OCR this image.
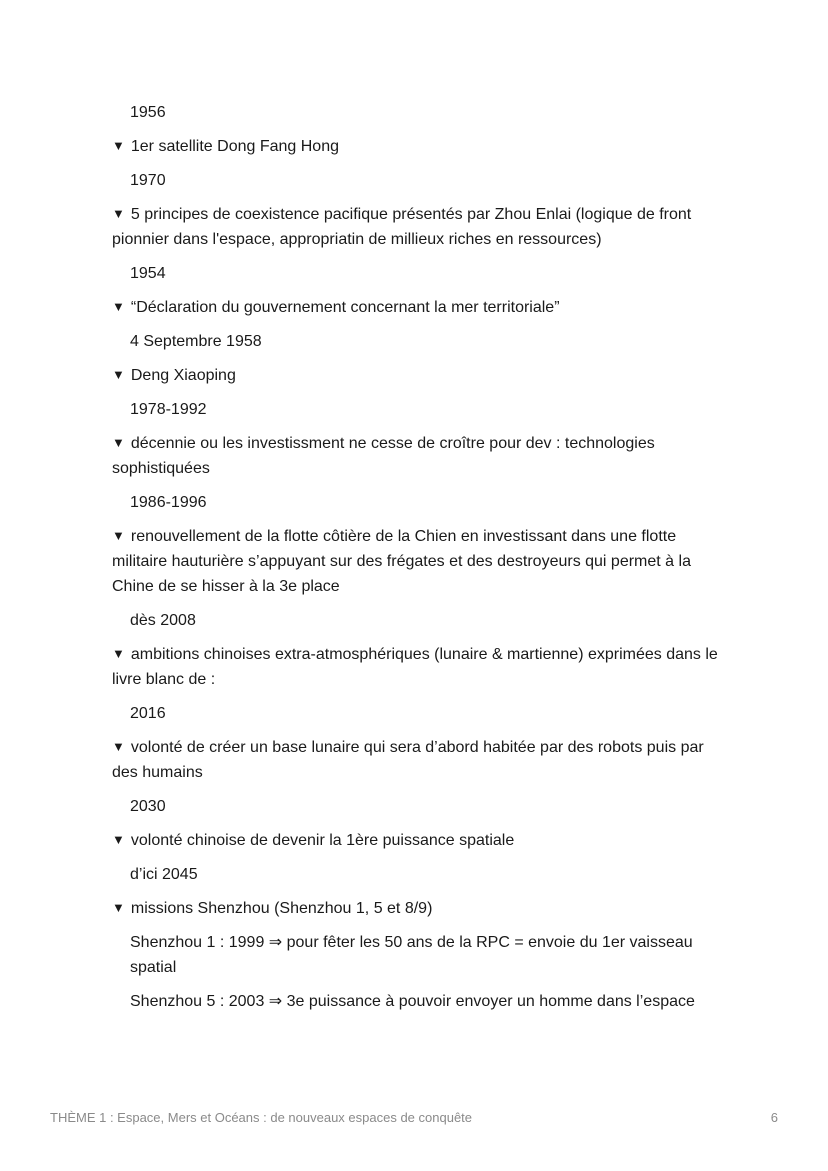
1956
▼ 1er satellite Dong Fang Hong
1970
▼ 5 principes de coexistence pacifique présentés par Zhou Enlai (logique de front pionnier dans l'espace, appropriatin de millieux riches en ressources)
1954
▼ “Déclaration du gouvernement concernant la mer territoriale”
4 Septembre 1958
▼ Deng Xiaoping
1978-1992
▼ décennie ou les investissment ne cesse de croître pour dev : technologies sophistiquées
1986-1996
▼ renouvellement de la flotte côtière de la Chien en investissant dans une flotte militaire hauturière s’appuyant sur des frégates et des destroyeurs qui permet à la Chine de se hisser à la 3e place
dès 2008
▼ ambitions chinoises extra-atmosphériques (lunaire & martienne) exprimées dans le livre blanc de :
2016
▼ volonté de créer un base lunaire qui sera d’abord habitée par des robots puis par des humains
2030
▼ volonté chinoise de devenir la 1ère puissance spatiale
d’ici 2045
▼ missions Shenzhou (Shenzhou 1, 5 et 8/9)
Shenzhou 1 : 1999 ⇒ pour fêter les 50 ans de la RPC = envoie du 1er vaisseau spatial
Shenzhou 5 : 2003 ⇒ 3e puissance à pouvoir envoyer un homme dans l’espace
THÈME 1 : Espace, Mers et Océans : de nouveaux espaces de conquête	6
